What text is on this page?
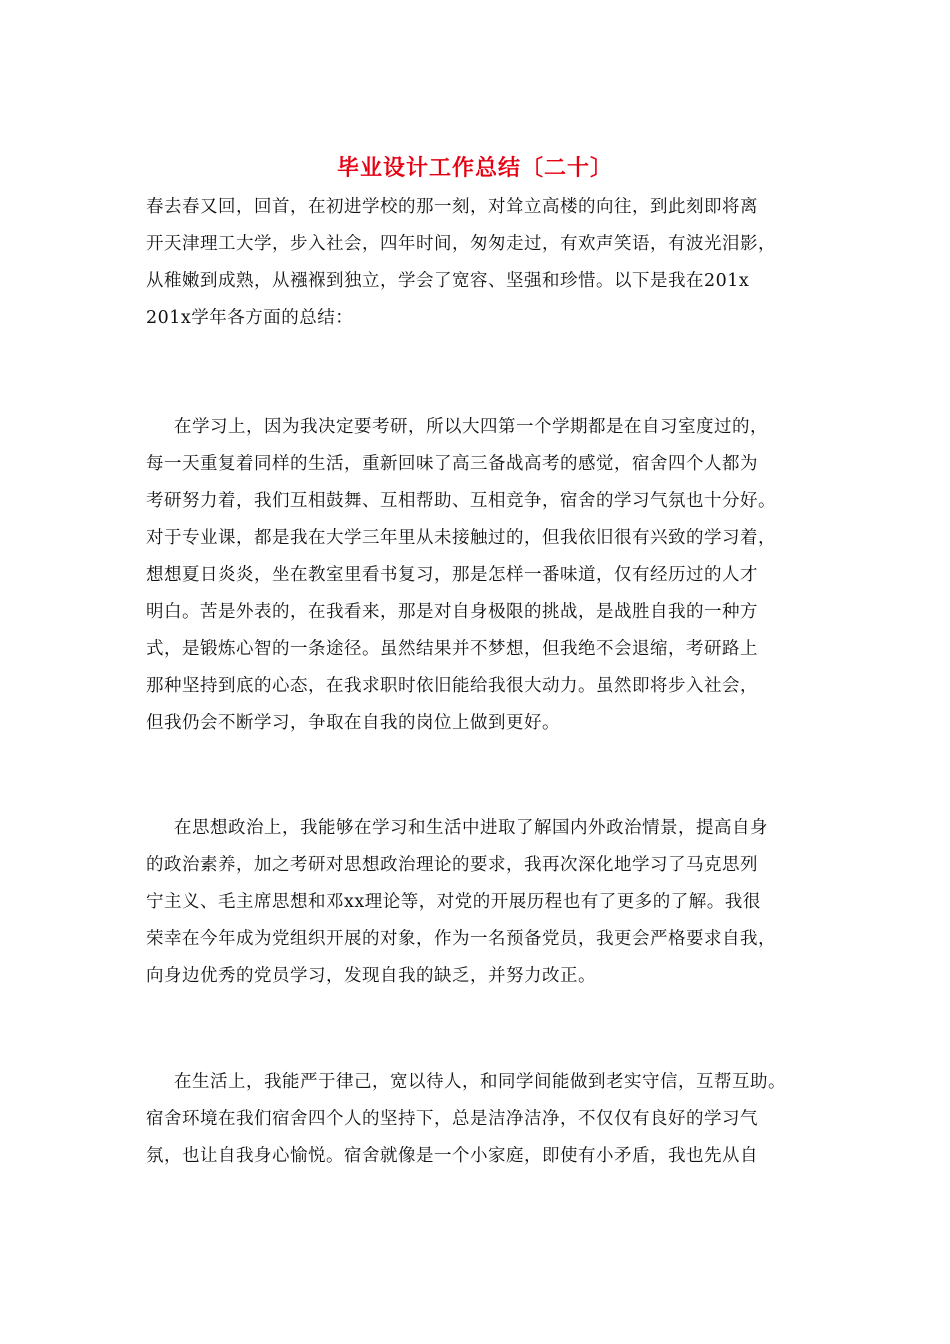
毕业设计工作总结〔二十〕
春去春又回，回首，在初进学校的那一刻，对耸立高楼的向往，到此刻即将离
开天津理工大学，步入社会，四年时间，匆匆走过，有欢声笑语，有波光泪影，
从稚嫩到成熟，从襁褓到独立，学会了宽容、坚强和珍惜。以下是我在201x
201x学年各方面的总结：
在学习上，因为我决定要考研，所以大四第一个学期都是在自习室度过的，
每一天重复着同样的生活，重新回味了高三备战高考的感觉，宿舍四个人都为
考研努力着，我们互相鼓舞、互相帮助、互相竞争，宿舍的学习气氛也十分好。
对于专业课，都是我在大学三年里从未接触过的，但我依旧很有兴致的学习着，
想想夏日炎炎，坐在教室里看书复习，那是怎样一番味道，仅有经历过的人才
明白。苦是外表的，在我看来，那是对自身极限的挑战，是战胜自我的一种方
式，是锻炼心智的一条途径。虽然结果并不梦想，但我绝不会退缩，考研路上
那种坚持到底的心态，在我求职时依旧能给我很大动力。虽然即将步入社会，
但我仍会不断学习，争取在自我的岗位上做到更好。
在思想政治上，我能够在学习和生活中进取了解国内外政治情景，提高自身
的政治素养，加之考研对思想政治理论的要求，我再次深化地学习了马克思列
宁主义、毛主席思想和邓xx理论等，对党的开展历程也有了更多的了解。我很
荣幸在今年成为党组织开展的对象，作为一名预备党员，我更会严格要求自我，
向身边优秀的党员学习，发现自我的缺乏，并努力改正。
在生活上，我能严于律己，宽以待人，和同学间能做到老实守信，互帮互助。
宿舍环境在我们宿舍四个人的坚持下，总是洁净洁净，不仅仅有良好的学习气
氛，也让自我身心愉悦。宿舍就像是一个小家庭，即使有小矛盾，我也先从自
